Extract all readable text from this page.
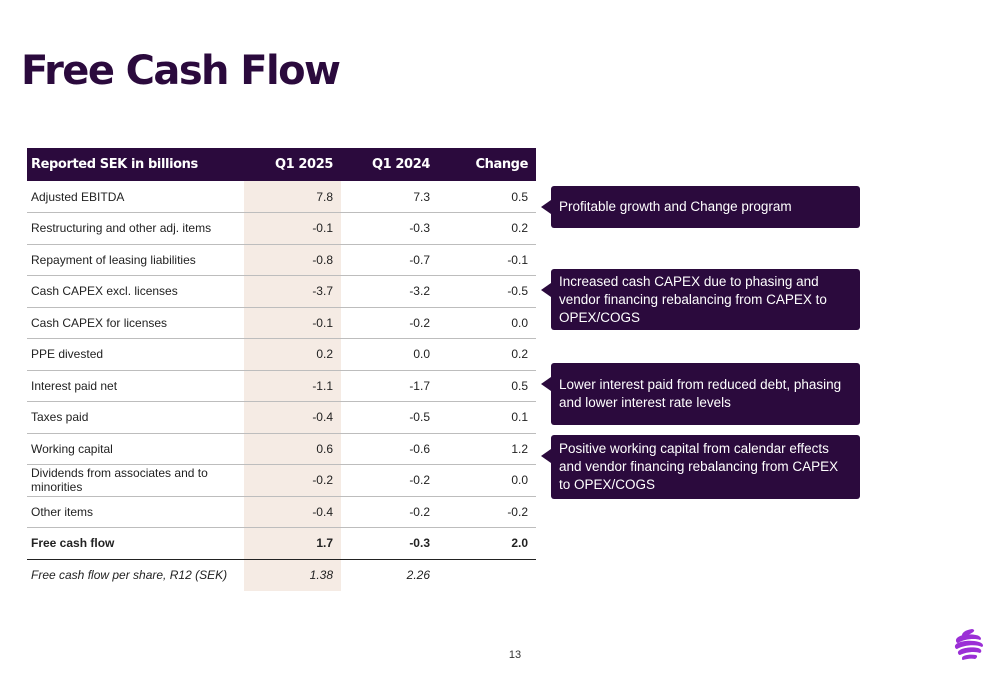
Free Cash Flow
Reported SEK in billions	Q1 2025	Q1 2024	Change
Adjusted EBITDA	7.8	7.3	0.5
Restructuring and other adj. items	-0.1	-0.3	0.2
Repayment of leasing liabilities	-0.8	-0.7	-0.1
Cash CAPEX excl. licenses	-3.7	-3.2	-0.5
Cash CAPEX for licenses	-0.1	-0.2	0.0
PPE divested	0.2	0.0	0.2
Interest paid net	-1.1	-1.7	0.5
Taxes paid	-0.4	-0.5	0.1
Working capital	0.6	-0.6	1.2
Dividends from associates and to minorities	-0.2	-0.2	0.0
Other items	-0.4	-0.2	-0.2
Free cash flow	1.7	-0.3	2.0
Free cash flow per share, R12 (SEK)	1.38	2.26	
Profitable growth and Change program
Increased cash CAPEX due to phasing and vendor financing rebalancing from CAPEX to OPEX/COGS
Lower interest paid from reduced debt, phasing and lower interest rate levels
Positive working capital from calendar effects and vendor financing rebalancing from CAPEX to OPEX/COGS
13
